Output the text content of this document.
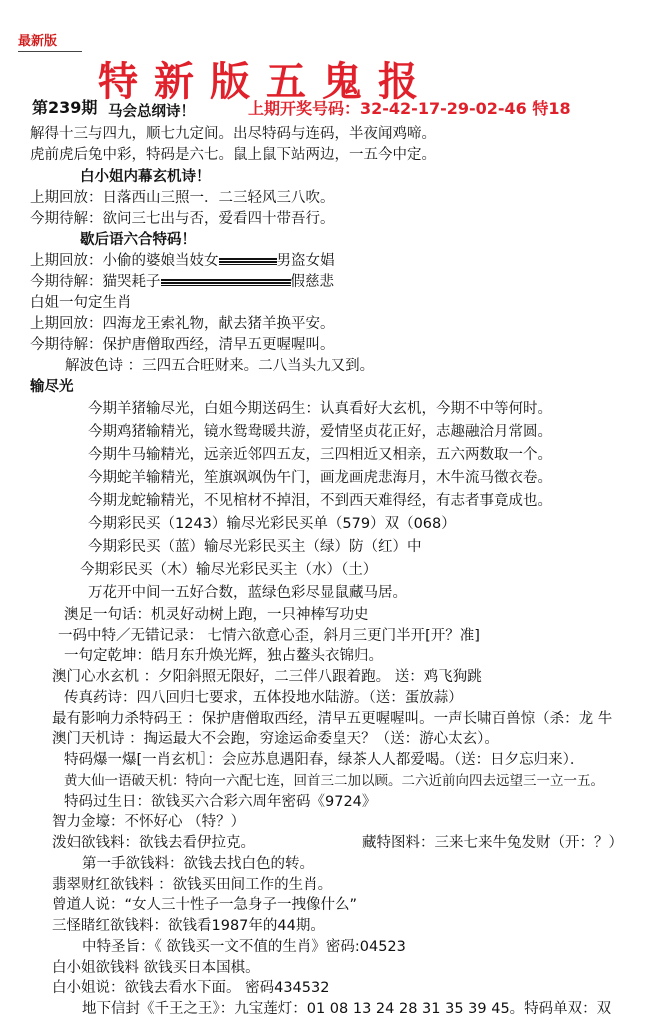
最新版
特新版五鬼报
第239期	上期开奖号码：32-42-17-29-02-46 特18
马会总纲诗！
解得十三与四九，顺七九定间。出尽特码与连码，半夜闻鸡啼。
虎前虎后兔中彩，特码是六七。鼠上鼠下站两边，一五今中定。
白小姐内幕玄机诗！
上期回放：日落西山三照一．二三轻风三八吹。
今期待解：欲问三七出与否，爱看四十带吾行。
歇后语六合特码！
上期回放：小偷的婆娘当妓女	男盗女娼
今期待解：猫哭耗子	假慈悲
白姐一句定生肖
上期回放：四海龙王索礼物，献去猪羊换平安。
今期待解：保护唐僧取西经，清早五更喔喔叫。
解波色诗 ：三四五合旺财来。二八当头九又到。
输尽光
今期羊猪输尽光，白姐今期送码生：认真看好大玄机，今期不中等何时。
今期鸡猪输精光，镜水鸳鸯暖共游，爱情坚贞花正好，志趣融洽月常圆。
今期牛马输精光，远亲近邻四五友，三四相近又相亲，五六两数取一个。
今期蛇羊输精光，笙旗飒飒伪午门，画龙画虎悲海月，木牛流马徵衣卷。
今期龙蛇输精光，不见棺材不掉泪，不到西天难得经，有志者事竟成也。
今期彩民买（1243）输尽光彩民买单（579）双（068）
今期彩民买（蓝）输尽光彩民买主（绿）防（红）中
今期彩民买（木）输尽光彩民买主（水）（土）
万花开中间一五好合数，蓝绿色彩尽显鼠藏马居。
澳足一句话：机灵好动树上跑，一只神棒写功史
一码中特／无错记录： 七情六欲意心歪，斜月三更门半开[开？准]
一句定乾坤：皓月东升焕光辉，独占鳌头衣锦归。
澳门心水玄机 ：夕阳斜照无限好，二三伴八跟着跑。 送：鸡飞狗跳
传真药诗：四八回归七要求，五体投地水陆游。（送：蛋放蒜）
最有影响力杀特码王 ：保护唐僧取西经，清早五更喔喔叫。一声长啸百兽惊（杀：龙 牛
澳门天机诗 ：掏运最大不会跑，穷途运命委皇天？（送：游心太玄）。
特码爆一爆[一肖玄机］：会应苏息遇阳春，绿茶人人都爱喝。（送：日夕忘归来）．
黄大仙一语破天机：特向一六配七连，回首三二加以顾。二六近前向四去远望三一立一五。
特码过生日：欲钱买六合彩六周年密码《9724》
智力金壕：不怀好心 （特？）
泼妇欲钱料：欲钱去看伊拉克。	藏特图料：三来七来牛兔发财（开：？）
第一手欲钱料：欲钱去找白色的转。
翡翠财红欲钱料 ：欲钱买田间工作的生肖。
曾道人说：“女人三十性子一急身子一拽像什么”
三怪睹红欲钱料：欲钱看1987年的44期。
中特圣旨：《 欲钱买一文不值的生肖》密码:04523
白小姐欲钱料 欲钱买日本国棋。
白小姐说：欲钱去看水下面。 密码434532
地下信封《千王之王》：九宝莲灯：01 08 13 24 28 31 35 39 45。特码单双：双
